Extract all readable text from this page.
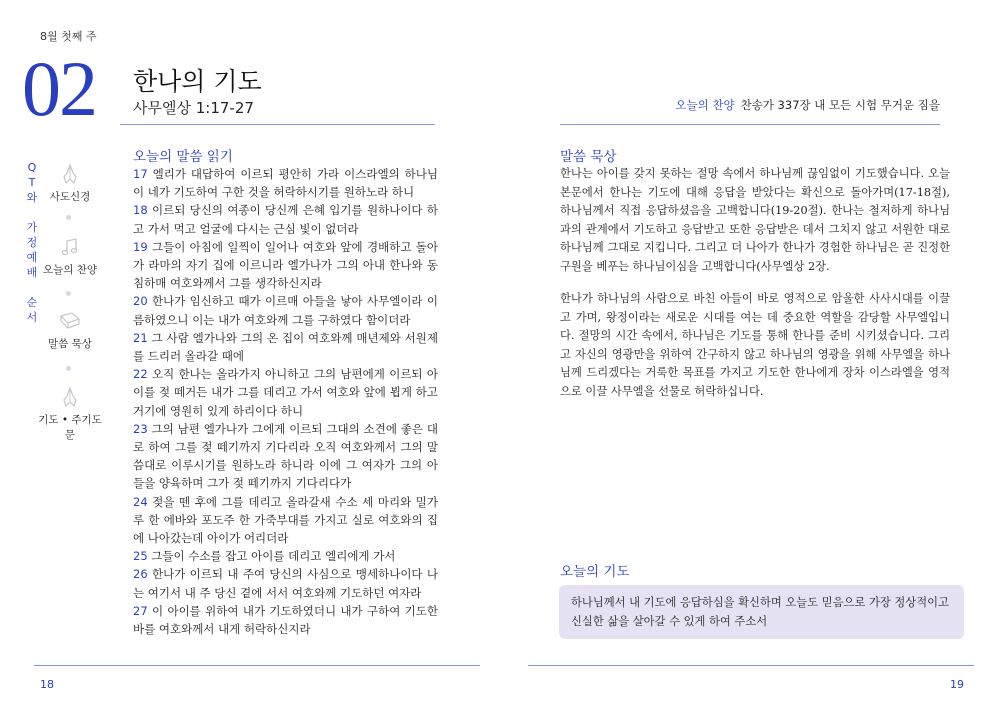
8월 첫째 주
02 한나의 기도
사무엘상 1:17-27	오늘의 찬양 찬송가 337장 내 모든 시험 무거운 짐을
Q
T
와
가
정
예
배
순
서
사도신경
오늘의 찬양
말씀 묵상
기도 • 주기도문
오늘의 말씀 읽기
17 엘리가 대답하여 이르되 평안히 가라 이스라엘의 하나님이 네가 기도하여 구한 것을 허락하시기를 원하노라 하니
18 이르되 당신의 여종이 당신께 은혜 입기를 원하나이다 하고 가서 먹고 얼굴에 다시는 근심 빛이 없더라
19 그들이 아침에 일찍이 일어나 여호와 앞에 경배하고 돌아가 라마의 자기 집에 이르니라 엘가나가 그의 아내 한나와 동침하매 여호와께서 그를 생각하신지라
20 한나가 임신하고 때가 이르매 아들을 낳아 사무엘이라 이름하였으니 이는 내가 여호와께 그를 구하였다 함이더라
21 그 사람 엘가나와 그의 온 집이 여호와께 매년제와 서원제를 드리러 올라갈 때에
22 오직 한나는 올라가지 아니하고 그의 남편에게 이르되 아이를 젖 떼거든 내가 그를 데리고 가서 여호와 앞에 뵙게 하고 거기에 영원히 있게 하리이다 하니
23 그의 남편 엘가나가 그에게 이르되 그대의 소견에 좋은 대로 하여 그를 젖 떼기까지 기다리라 오직 여호와께서 그의 말씀대로 이루시기를 원하노라 하니라 이에 그 여자가 그의 아들을 양육하며 그가 젖 떼기까지 기다리다가
24 젖을 뗀 후에 그를 데리고 올라갈새 수소 세 마리와 밀가루 한 에바와 포도주 한 가죽부대를 가지고 실로 여호와의 집에 나아갔는데 아이가 어리더라
25 그들이 수소를 잡고 아이를 데리고 엘리에게 가서
26 한나가 이르되 내 주여 당신의 사심으로 맹세하나이다 나는 여기서 내 주 당신 곁에 서서 여호와께 기도하던 여자라
27 이 아이를 위하여 내가 기도하였더니 내가 구하여 기도한 바를 여호와께서 내게 허락하신지라
말씀 묵상
한나는 아이를 갖지 못하는 절망 속에서 하나님께 끊임없이 기도했습니다. 오늘 본문에서 한나는 기도에 대해 응답을 받았다는 확신으로 돌아가며(17-18절), 하나님께서 직접 응답하셨음을 고백합니다(19-20절). 한나는 철저하게 하나님과의 관계에서 기도하고 응답받고 또한 응답받은 데서 그치지 않고 서원한 대로 하나님께 그대로 지킵니다. 그리고 더 나아가 한나가 경험한 하나님은 곧 진정한 구원을 베푸는 하나님이심을 고백합니다(사무엘상 2장.
한나가 하나님의 사람으로 바친 아들이 바로 영적으로 암울한 사사시대를 이끌고 가며, 왕정이라는 새로운 시대를 여는 데 중요한 역할을 감당할 사무엘입니다. 절망의 시간 속에서, 하나님은 기도를 통해 한나를 준비 시키셨습니다. 그리고 자신의 영광만을 위하여 간구하지 않고 하나님의 영광을 위해 사무엘을 하나님께 드리겠다는 거룩한 목표를 가지고 기도한 한나에게 장차 이스라엘을 영적으로 이끌 사무엘을 선물로 허락하십니다.
오늘의 기도
하나님께서 내 기도에 응답하심을 확신하며 오늘도 믿음으로 가장 정상적이고 신실한 삶을 살아갈 수 있게 하여 주소서
18	19
